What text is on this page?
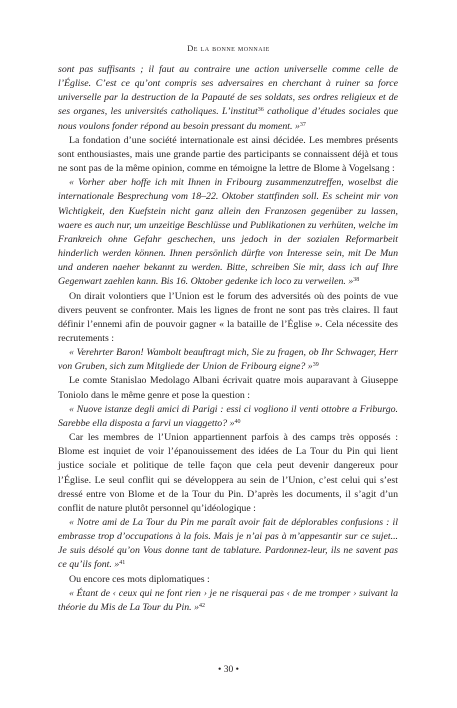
De la bonne monnaie

sont pas suffisants ; il faut au contraire une action universelle comme celle de l’Église. C’est ce qu’ont compris ses adversaires en cherchant à ruiner sa force universelle par la destruction de la Papauté de ses soldats, ses ordres religieux et de ses organes, les universités catholiques. L’institut$^{36}$ catholique d’études sociales que nous voulons fonder répond au besoin pressant du moment. »$^{37}$

La fondation d’une société internationale est ainsi décidée. Les membres présents sont enthousiastes, mais une grande partie des participants se connaissent déjà et tous ne sont pas de la même opinion, comme en témoigne la lettre de Blome à Vogelsang :

« Vorher aber hoffe ich mit Ihnen in Fribourg zusammenzutreffen, woselbst die internationale Besprechung vom 18–22. Oktober stattfinden soll. Es scheint mir von Wichtigkeit, den Kuefstein nicht ganz allein den Franzosen gegenüber zu lassen, waere es auch nur, um unzeitige Beschlüsse und Publikationen zu verhüten, welche im Frankreich ohne Gefahr geschechen, uns jedoch in der sozialen Reformarbeit hinderlich werden können. Ihnen persönlich dürfte von Interesse sein, mit De Mun und anderen naeher bekannt zu werden. Bitte, schreiben Sie mir, dass ich auf Ihre Gegenwart zaehlen kann. Bis 16. Oktober gedenke ich loco zu verweilen. »$^{38}$

On dirait volontiers que l’Union est le forum des adversités où des points de vue divers peuvent se confronter. Mais les lignes de front ne sont pas très claires. Il faut définir l’ennemi afin de pouvoir gagner « la bataille de l’Église ». Cela nécessite des recrutements :

« Verehrter Baron! Wambolt beauftragt mich, Sie zu fragen, ob Ihr Schwager, Herr von Gruben, sich zum Mitgliede der Union de Fribourg eigne? »$^{39}$

Le comte Stanislao Medolago Albani écrivait quatre mois auparavant à Giuseppe Toniolo dans le même genre et pose la question :

« Nuove istanze degli amici di Parigi : essi ci vogliono il venti ottobre a Friburgo. Sarebbe ella disposta a farvi un viaggetto? »$^{40}$

Car les membres de l’Union appartiennent parfois à des camps très opposés : Blome est inquiet de voir l’épanouissement des idées de La Tour du Pin qui lient justice sociale et politique de telle façon que cela peut devenir dangereux pour l’Église. Le seul conflit qui se développera au sein de l’Union, c’est celui qui s’est dressé entre von Blome et de la Tour du Pin. D’après les documents, il s’agit d’un conflit de nature plutôt personnel qu’idéologique :

« Notre ami de La Tour du Pin me paraît avoir fait de déplorables confusions : il embrasse trop d’occupations à la fois. Mais je n’ai pas à m’appesantir sur ce sujet... Je suis désolé qu’on Vous donne tant de tablature. Pardonnez-leur, ils ne savent pas ce qu’ils font. »$^{41}$

Ou encore ces mots diplomatiques :

« Étant de ‹ ceux qui ne font rien › je ne risquerai pas ‹ de me tromper › suivant la théorie du Mis de La Tour du Pin. »$^{42}$

• 30 •
